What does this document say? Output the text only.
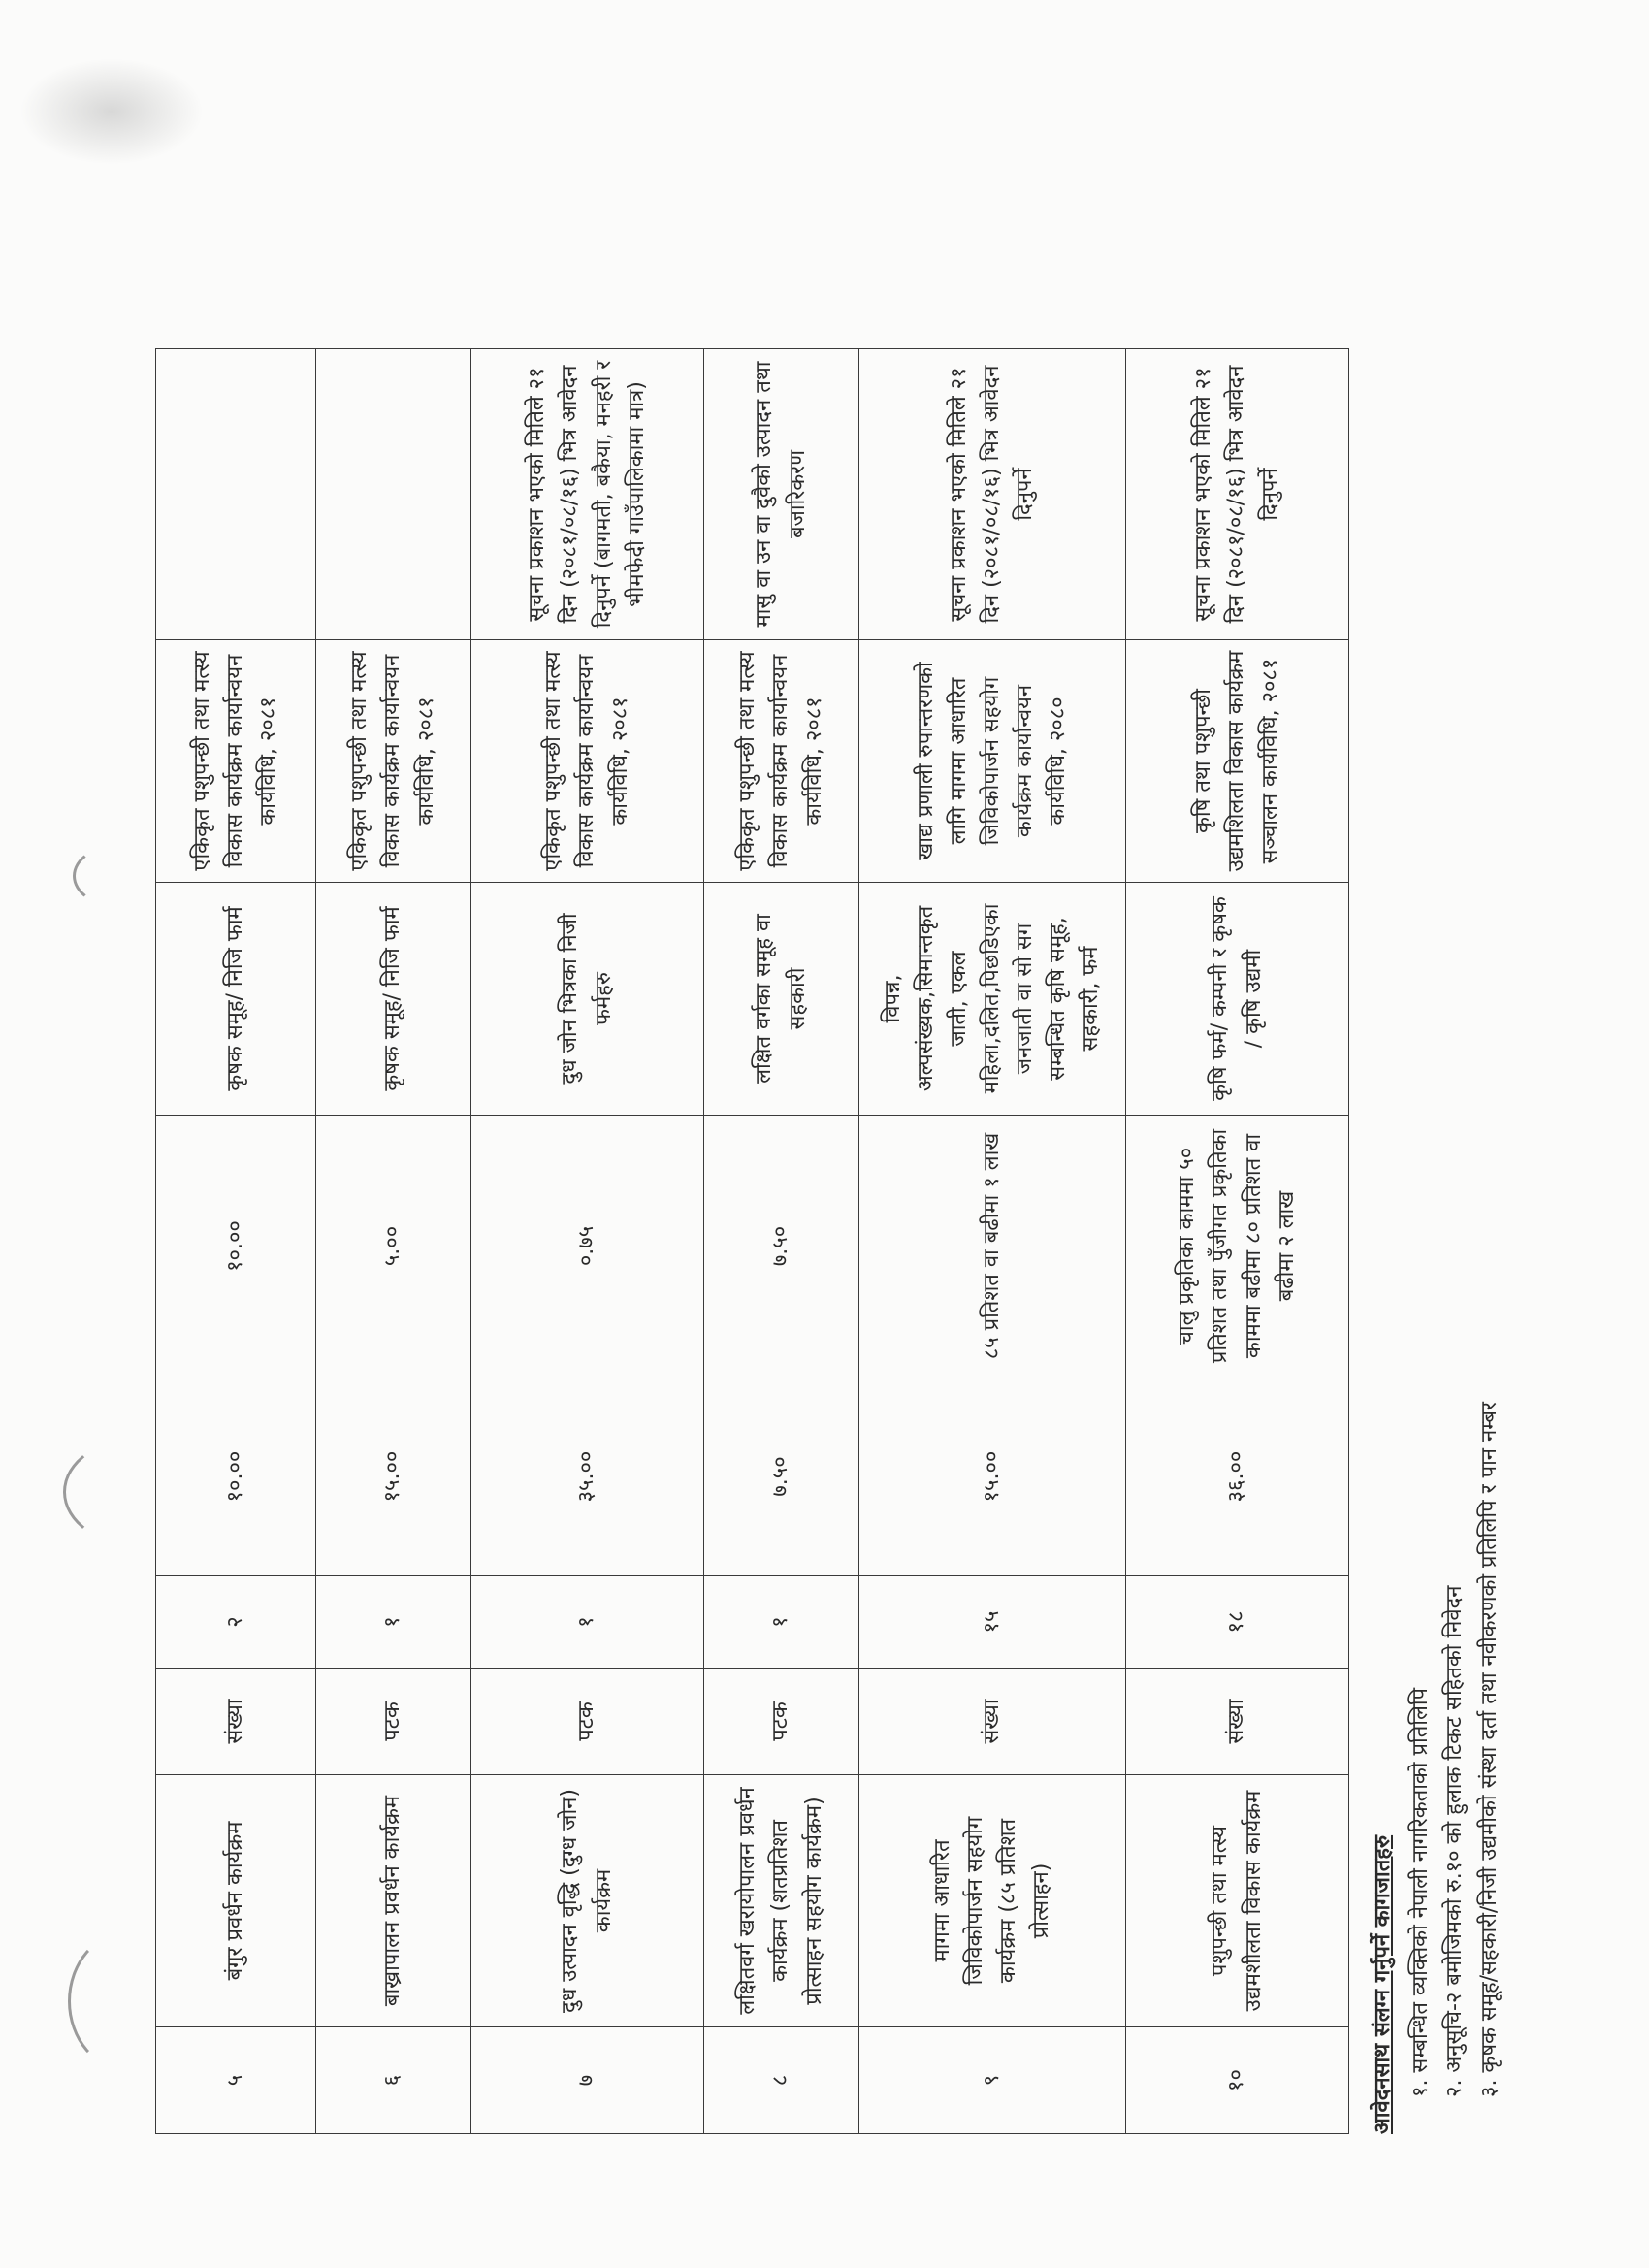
५	बंगुर प्रवर्धन कार्यक्रम	संख्या	२	१०.००	१०.००	कृषक समूह/ निजि फार्म	एकिकृत पशुपन्छी तथा मत्स्य विकास कार्यक्रम कार्यान्वयन कार्यविधि, २०८१	
६	बाख्रापालन प्रवर्धन कार्यक्रम	पटक	१	१५.००	५.००	कृषक समूह/ निजि फार्म	एकिकृत पशुपन्छी तथा मत्स्य विकास कार्यक्रम कार्यान्वयन कार्यविधि, २०८१	
७	दुध उत्पादन वृद्धि (दुग्ध जोन) कार्यक्रम	पटक	१	३५.००	०.७५	दुध जोन भित्रका निजी फर्महरु	एकिकृत पशुपन्छी तथा मत्स्य विकास कार्यक्रम कार्यान्वयन कार्यविधि, २०८१	सूचना प्रकाशन भएको मितिले २१ दिन (२०८१/०८/१६) भित्र आवेदन दिनुपर्ने (बागमती, बकैया, मनहरी र भीमफेदी गाउँपालिकामा मात्र)
८	लक्षितवर्ग खरायोपालन प्रवर्धन कार्यक्रम (शतप्रतिशत प्रोत्साहन सहयोग कार्यक्रम)	पटक	१	७.५०	७.५०	लक्षित वर्गका समूह वा सहकारी	एकिकृत पशुपन्छी तथा मत्स्य विकास कार्यक्रम कार्यान्वयन कार्यविधि, २०८१	मासु वा उन वा दुवैको उत्पादन तथा बजारिकरण
९	मागमा आधारित जिविकोपार्जन सहयोग कार्यक्रम (८५ प्रतिशत प्रोत्साहन)	संख्या	१५	१५.००	८५ प्रतिशत वा बढीमा १ लाख	विपन्न, अल्पसंख्यक,सिमान्तकृत जाती, एकल महिला,दलित,पिछडिएका जनजाती वा सो सग सम्बन्धित कृषि समूह, सहकारी, फर्म	खाद्य प्रणाली रुपान्तरणको लागि मागमा आधारित जिविकोपार्जन सहयोग कार्यक्रम कार्यान्वयन कार्यविधि, २०८०	सूचना प्रकाशन भएको मितिले २१ दिन (२०८१/०८/१६) भित्र आवेदन दिनुपर्ने
१०	पशुपन्छी तथा मत्स्य उद्यमशीलता विकास कार्यक्रम	संख्या	१८	३६.००	चालु प्रकृतिका काममा ५० प्रतिशत तथा पुँजीगत प्रकृतिका काममा बढीमा ८० प्रतिशत वा बढीमा २ लाख	कृषि फर्म/ कम्पनी र कृषक / कृषि उद्यमी	कृषि तथा पशुपन्छी उद्यमशिलता विकास कार्यक्रम सञ्चालन कार्यविधि, २०८१	सूचना प्रकाशन भएको मितिले २१ दिन (२०८१/०८/१६) भित्र आवेदन दिनुपर्ने
आवेदनसाथ संलग्न गर्नुपर्ने कागजातहरु १. सम्बन्धित व्यक्तिको नेपाली नागरिकताको प्रतिलिपि २. अनुसूचि-२ बमोजिमको रु.१० को हुलाक टिकट सहितको निवेदन ३. कृषक समूह/सहकारी/निजी उद्यमीको संस्था दर्ता तथा नवीकरणको प्रतिलिपि र पान नम्बर
